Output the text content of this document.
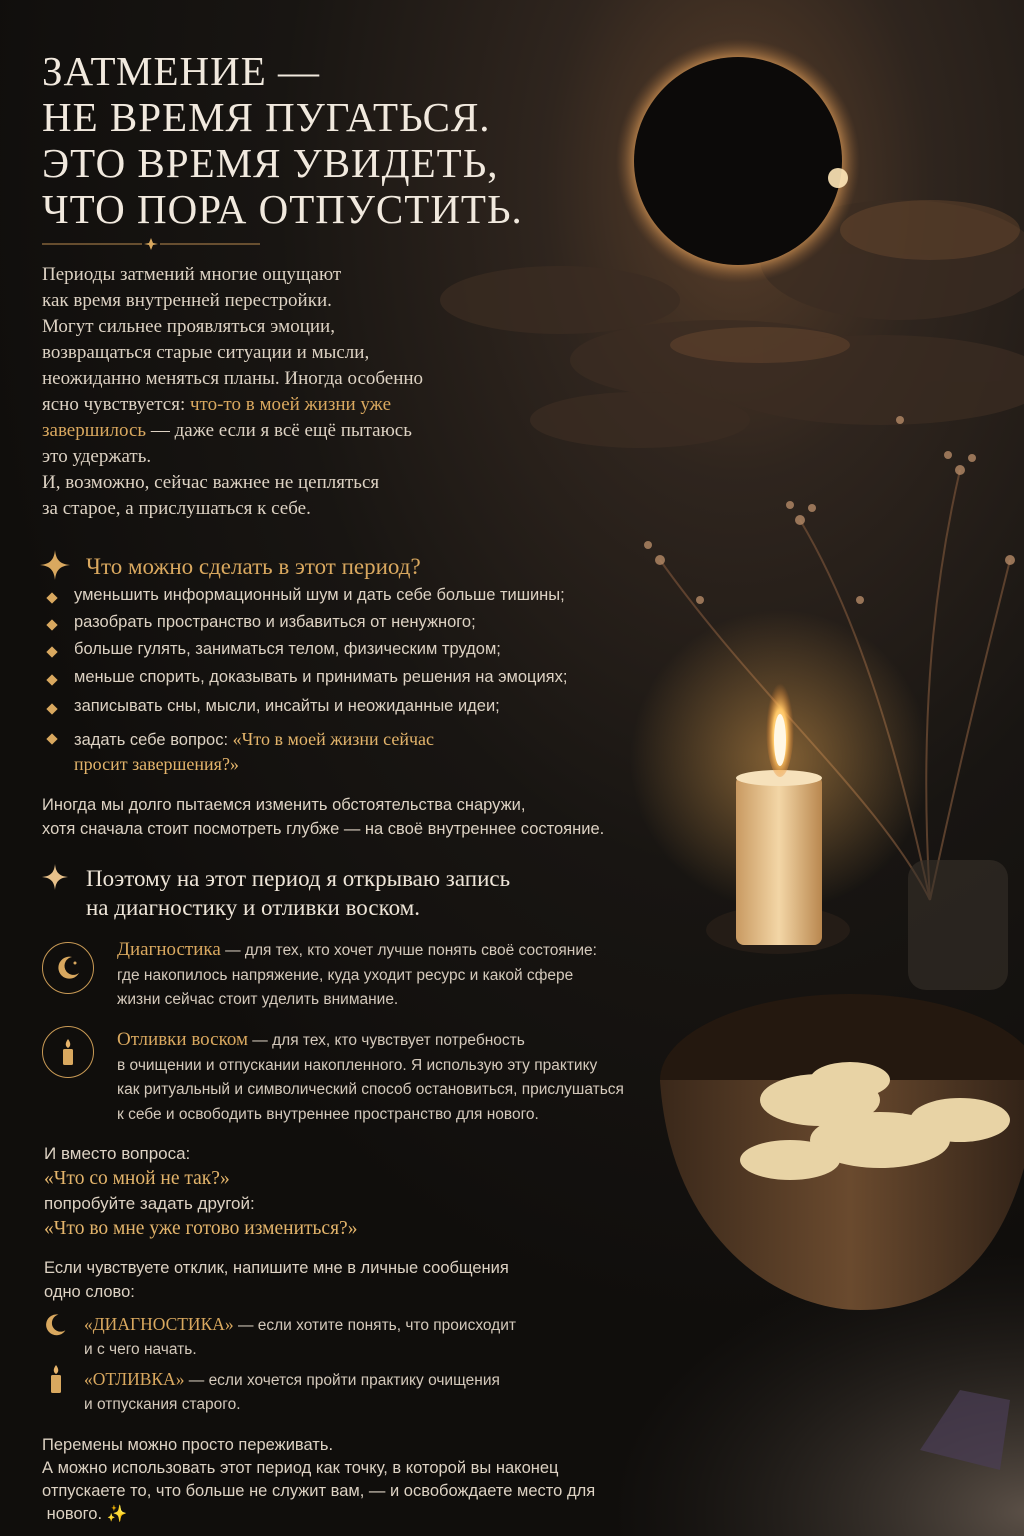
ЗАТМЕНИЕ —
НЕ ВРЕМЯ ПУГАТЬСЯ.
ЭТО ВРЕМЯ УВИДЕТЬ,
ЧТО ПОРА ОТПУСТИТЬ.
Периоды затмений многие ощущают
как время внутренней перестройки.
Могут сильнее проявляться эмоции,
возвращаться старые ситуации и мысли,
неожиданно меняться планы. Иногда особенно
ясно чувствуется: что-то в моей жизни уже
завершилось — даже если я всё ещё пытаюсь
это удержать.
И, возможно, сейчас важнее не цепляться
за старое, а прислушаться к себе.
Что можно сделать в этот период?
уменьшить информационный шум и дать себе больше тишины;
разобрать пространство и избавиться от ненужного;
больше гулять, заниматься телом, физическим трудом;
меньше спорить, доказывать и принимать решения на эмоциях;
записывать сны, мысли, инсайты и неожиданные идеи;
задать себе вопрос: «Что в моей жизни сейчас
просит завершения?»
Иногда мы долго пытаемся изменить обстоятельства снаружи,
хотя сначала стоит посмотреть глубже — на своё внутреннее состояние.
Поэтому на этот период я открываю запись
на диагностику и отливки воском.
Диагностика — для тех, кто хочет лучше понять своё состояние:
где накопилось напряжение, куда уходит ресурс и какой сфере
жизни сейчас стоит уделить внимание.
Отливки воском — для тех, кто чувствует потребность
в очищении и отпускании накопленного. Я использую эту практику
как ритуальный и символический способ остановиться, прислушаться
к себе и освободить внутреннее пространство для нового.
И вместо вопроса:
«Что со мной не так?»
попробуйте задать другой:
«Что во мне уже готово измениться?»
Если чувствуете отклик, напишите мне в личные сообщения
одно слово:
«ДИАГНОСТИКА» — если хотите понять, что происходит
и с чего начать.
«ОТЛИВКА» — если хочется пройти практику очищения
и отпускания старого.
Перемены можно просто переживать.
А можно использовать этот период как точку, в которой вы наконец
отпускаете то, что больше не служит вам, — и освобождаете место для
нового. ✨
